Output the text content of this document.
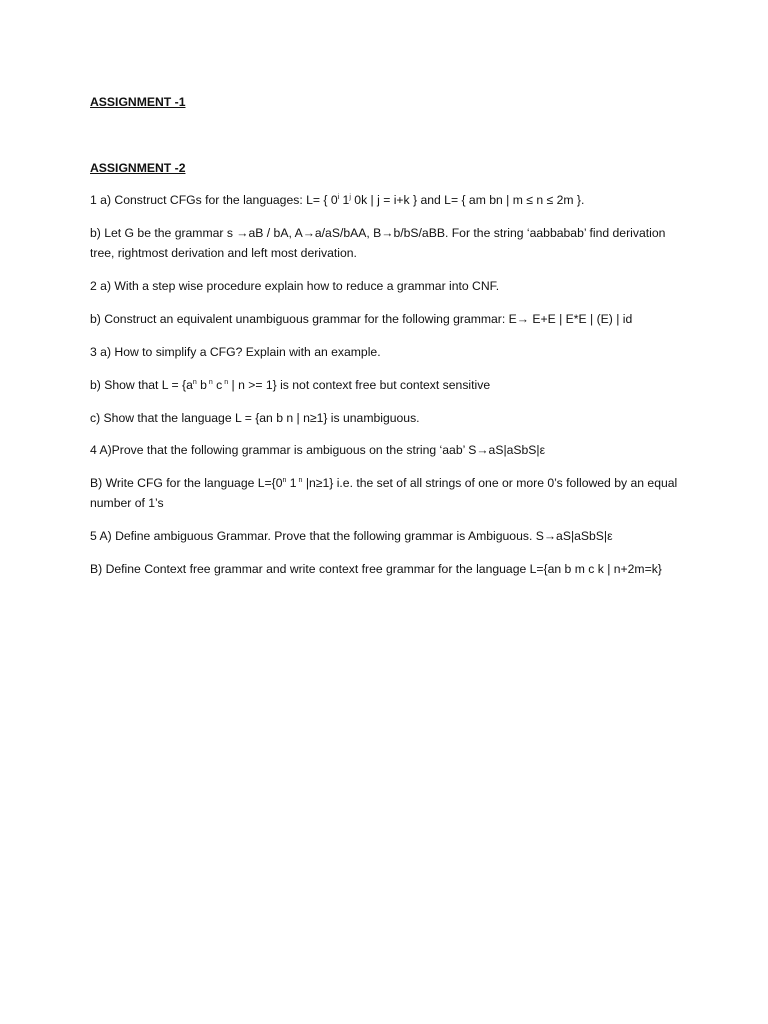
ASSIGNMENT -1
ASSIGNMENT -2
1 a) Construct CFGs for the languages: L= { 0$^i$ 1$^j$ 0k | j = i+k } and L= { am bn | m ≤ n ≤ 2m }.
b) Let G be the grammar s →aB / bA, A→a/aS/bAA, B→b/bS/aBB. For the string ‘aabbabab’ find derivation tree, rightmost derivation and left most derivation.
2 a) With a step wise procedure explain how to reduce a grammar into CNF.
b) Construct an equivalent unambiguous grammar for the following grammar: E→ E+E | E*E | (E) | id
3 a) How to simplify a CFG? Explain with an example.
b) Show that $L = \{a^n$ b $^n$ c $^n$ | n >= 1} is not context free but context sensitive
c) Show that the language L = {an b n | n≥1} is unambiguous.
4 A)Prove that the following grammar is ambiguous on the string ‘aab’ S→aS|aSbS|ε
B) Write CFG for the language $L=\{0^n$ 1 $^n$ |n≥1} i.e. the set of all strings of one or more 0’s followed by an equal number of 1’s
5 A) Define ambiguous Grammar. Prove that the following grammar is Ambiguous. S→aS|aSbS|ε
B) Define Context free grammar and write context free grammar for the language L={an b m c k | n+2m=k}
